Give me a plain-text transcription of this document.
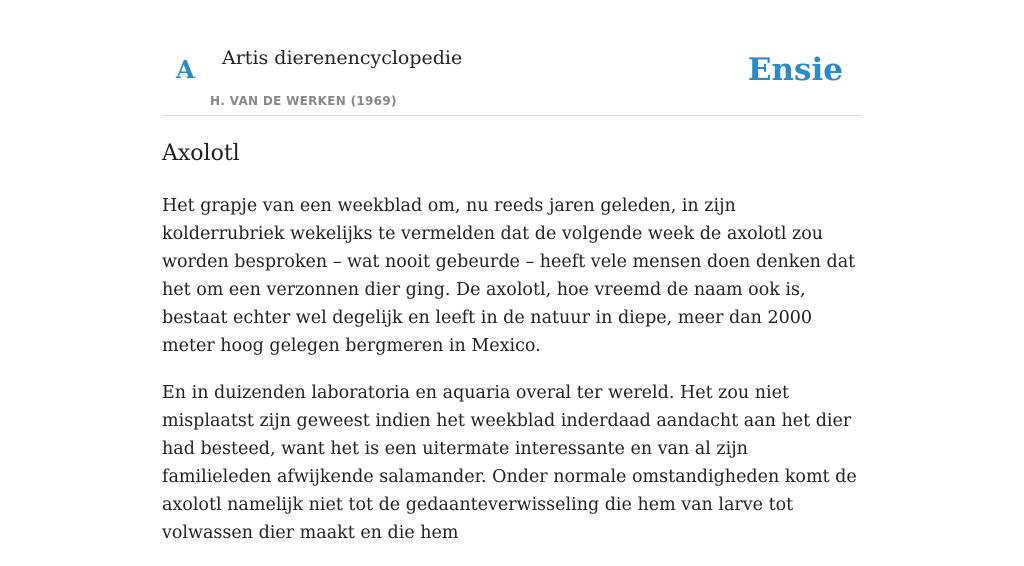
A Artis dierenencyclopedie
H. VAN DE WERKEN (1969)
Ensie
Axolotl

Het grapje van een weekblad om, nu reeds jaren geleden, in zijn kolderrubriek wekelijks te vermelden dat de volgende week de axolotl zou worden besproken – wat nooit gebeurde – heeft vele mensen doen denken dat het om een verzonnen dier ging. De axolotl, hoe vreemd de naam ook is, bestaat echter wel degelijk en leeft in de natuur in diepe, meer dan 2000 meter hoog gelegen bergmeren in Mexico.

En in duizenden laboratoria en aquaria overal ter wereld. Het zou niet misplaatst zijn geweest indien het weekblad inderdaad aandacht aan het dier had besteed, want het is een uitermate interessante en van al zijn familieleden afwijkende salamander. Onder normale omstandigheden komt de axolotl namelijk niet tot de gedaanteverwisseling die hem van larve tot volwassen dier maakt en die hem
